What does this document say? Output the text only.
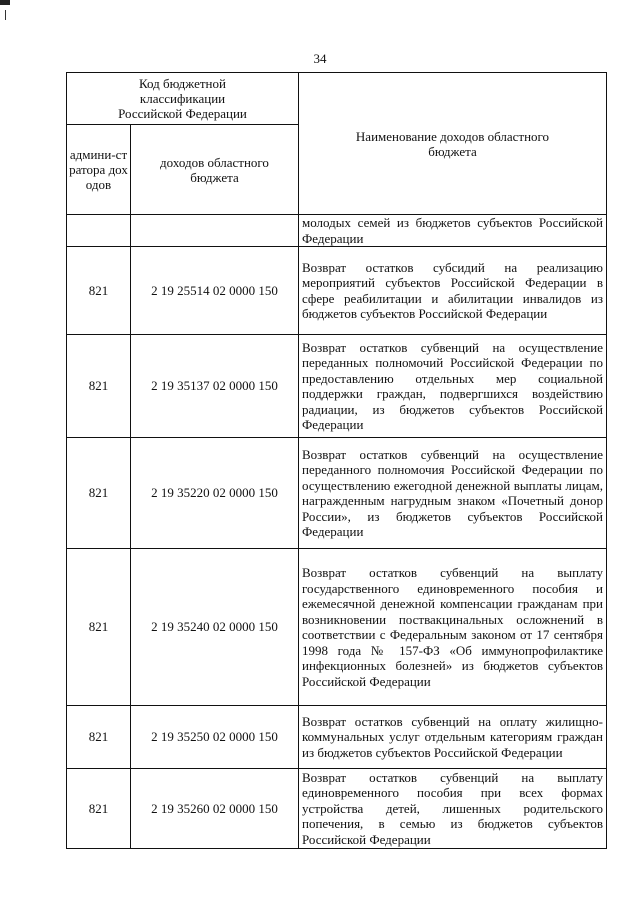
34
Код бюджетной классификации Российской Федерации		Наименование доходов областного бюджета
админи-стратора доходов	доходов областного бюджета	
		молодых семей из бюджетов субъектов Российской Федерации
821	2 19 25514 02 0000 150	Возврат остатков субсидий на реализацию мероприятий субъектов Российской Федерации в сфере реабилитации и абилитации инвалидов из бюджетов субъектов Российской Федерации
821	2 19 35137 02 0000 150	Возврат остатков субвенций на осуществление переданных полномочий Российской Федерации по предоставлению отдельных мер социальной поддержки граждан, подвергшихся воздействию радиации, из бюджетов субъектов Российской Федерации
821	2 19 35220 02 0000 150	Возврат остатков субвенций на осуществление переданного полномочия Российской Федерации по осуществлению ежегодной денежной выплаты лицам, награжденным нагрудным знаком «Почетный донор России», из бюджетов субъектов Российской Федерации
821	2 19 35240 02 0000 150	Возврат остатков субвенций на выплату государственного единовременного пособия и ежемесячной денежной компенсации гражданам при возникновении поствакцинальных осложнений в соответствии с Федеральным законом от 17 сентября 1998 года № 157-ФЗ «Об иммунопрофилактике инфекционных болезней» из бюджетов субъектов Российской Федерации
821	2 19 35250 02 0000 150	Возврат остатков субвенций на оплату жилищно-коммунальных услуг отдельным категориям граждан из бюджетов субъектов Российской Федерации
821	2 19 35260 02 0000 150	Возврат остатков субвенций на выплату единовременного пособия при всех формах устройства детей, лишенных родительского попечения, в семью из бюджетов субъектов Российской Федерации
